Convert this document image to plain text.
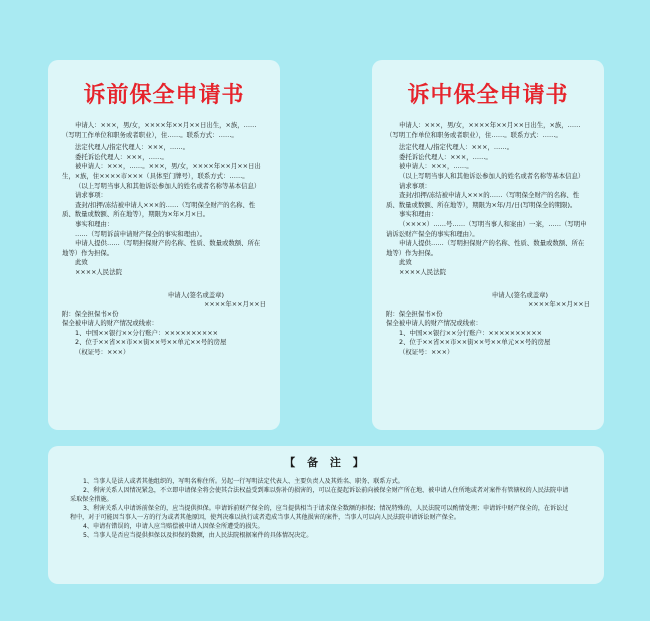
诉前保全申请书

申请人：×××，男/女，××××年××月××日出生，×族，……（写明工作单位和职务或者职业），住……。联系方式：……。

法定代理人/指定代理人：×××，……。

委托诉讼代理人：×××，……。

被申请人：×××，……。×××，男/女，××××年××月××日出生，×族，住××××市×××（具体至门牌号），联系方式：……。

（以上写明当事人和其他诉讼参加人的姓名或者名称等基本信息）

请求事项：

查封/扣押/冻结被申请人×××的……（写明保全财产的名称、性质、数量或数额、所在地等），期限为×年×月×日。

事实和理由：

……（写明诉前申请财产保全的事实和理由）。

申请人提供……（写明担保财产的名称、性质、数量或数额、所在地等）作为担保。

此致

××××人民法院

申请人(签名或盖章)

××××年××月××日

附：保全担保书×份

保全被申请人的财产情况或线索：

1、中国××银行××分行账户：××××××××××

2、位于××省××市××街××号××单元××号的房屋

（权证号：×××）

诉中保全申请书

申请人：×××，男/女，××××年××月××日出生，×族，……（写明工作单位和职务或者职业），住……。联系方式：……。

法定代理人/指定代理人：×××，……。

委托诉讼代理人：×××，……。

被申请人：×××，……。

（以上写明当事人和其他诉讼参加人的姓名或者名称等基本信息）

请求事项：

查封/扣押/冻结被申请人×××的……（写明保全财产的名称、性质、数量或数额、所在地等），期限为×年/月/日(写明保全的期限)。

事实和理由：

（××××）……号……（写明当事人和案由）一案，……（写明申请诉讼财产保全的事实和理由）。

申请人提供……（写明担保财产的名称、性质、数量或数额、所在地等）作为担保。

此致

××××人民法院

申请人(签名或盖章)

××××年××月××日

附：保全担保书×份

保全被申请人的财产情况或线索：

1、中国××银行××分行账户：××××××××××

2、位于××省××市××街××号××单元××号的房屋

（权证号：×××）

【 备 注 】

1、当事人是法人或者其他组织的，写明名称住所。另起一行写明法定代表人、主要负责人及其姓名、职务、联系方式。

2、利害关系人因情况紧急，不立即申请保全将会使其合法权益受到难以弥补的损害的，可以在提起诉讼前向被保全财产所在地、被申请人住所地或者对案件有管辖权的人民法院申请采取保全措施。

3、利害关系人申请诉前保全的，应当提供担保。申请诉前财产保全的，应当提供相当于请求保全数额的担保；情况特殊的，人民法院可以酌情处理；申请诉中财产保全的，在诉讼过程中，对于可能因当事人一方的行为或者其他原因，使判决难以执行或者造成当事人其他损害的案件，当事人可以向人民法院申请诉讼财产保全。

4、申请有错误的，申请人应当赔偿被申请人因保全所遭受的损失。

5、当事人是否应当提供担保以及担保的数额，由人民法院根据案件的具体情况决定。
